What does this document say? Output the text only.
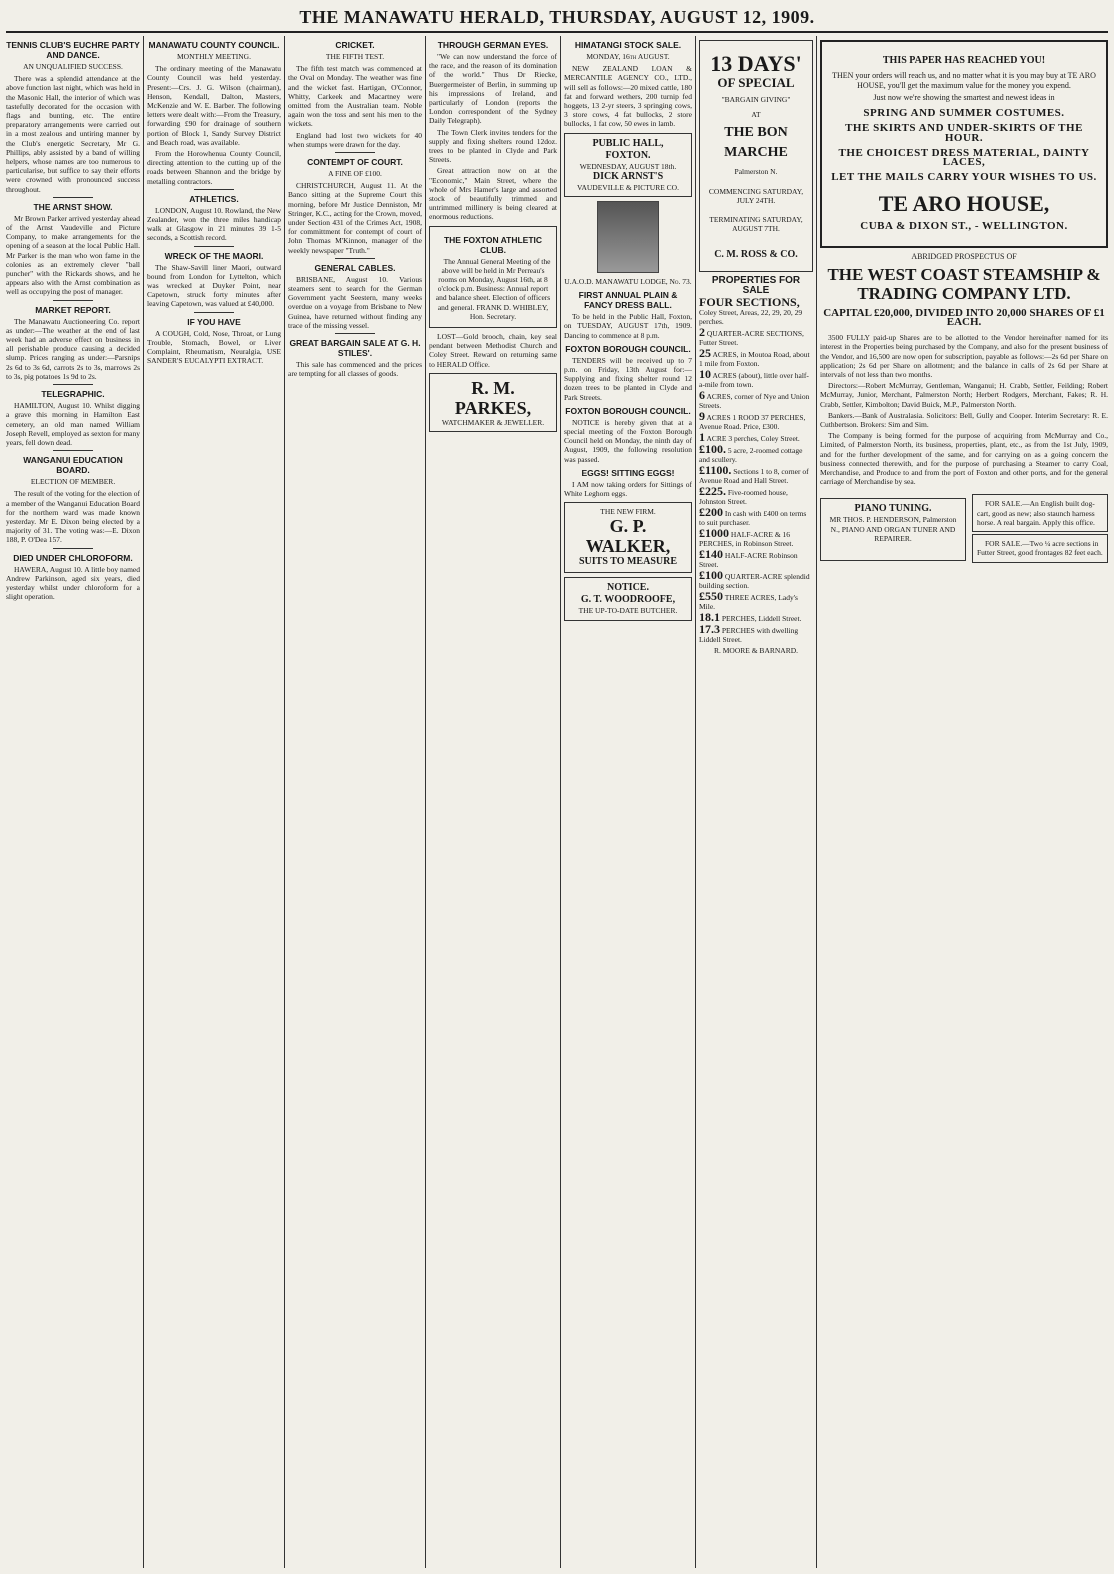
THE MANAWATU HERALD, THURSDAY, AUGUST 12, 1909.
TENNIS CLUB'S EUCHRE PARTY AND DANCE.
AN UNQUALIFIED SUCCESS.

There was a splendid attendance at the above function last night, which was held in the Masonic Hall, the interior of which was tastefully decorated for the occasion with flags and bunting, etc. The entire preparatory arrangements were carried out in a most zealous and untiring manner by the Club's energetic Secretary, Mr G. Phillips, ably assisted by a band of willing helpers, whose names are too numerous to particularise, but suffice to say their efforts were crowned with pronounced success throughout.

THE ARNST SHOW.

Mr Brown Parker arrived yesterday ahead of the Arnst Vaudeville and Picture Company, to make arrangements for the opening of a season at the local Public Hall. Mr Parker is the man who won fame in the colonies as an extremely clever "ball puncher" with the Rickards shows, and he appears also with the Arnst combination as well as occupying the post of manager.

MARKET REPORT.

The Manawatu Auctioneering Co. report as under:—The weather at the end of last week had an adverse effect on business in all perishable produce causing a decided slump. Prices ranging as under:—Parsnips 2s 6d to 3s 6d, carrots 2s to 3s, marrows 2s to 3s, pig potatoes 1s 9d to 2s.

TELEGRAPHIC.

HAMILTON, August 10. Whilst digging a grave this morning in Hamilton East cemetery, an old man named William Joseph Revell, employed as sexton for many years, fell down dead.

WANGANUI EDUCATION BOARD.
ELECTION OF MEMBER.

The result of the voting for the election of a member of the Wanganui Education Board for the northern ward was made known yesterday. Mr E. Dixon being elected by a majority of 31. The voting was:—E. Dixon 188, P. O'Dea 157.

DIED UNDER CHLOROFORM.

HAWERA, August 10. A little boy named Andrew Parkinson, aged six years, died yesterday whilst under chloroform for a slight operation.

MANAWATU COUNTY COUNCIL.
MONTHLY MEETING.

The ordinary meeting of the Manawatu County Council was held yesterday. Present:—Crs. J. G. Wilson (chairman), Henson, Kendall, Dalton, Masters, McKenzie and W. E. Barber. The following letters were dealt with:—From the Treasury, forwarding £90 for drainage of southern portion of Block 1, Sandy Survey District and Beach road, was available.

From the Horowhenua County Council, directing attention to the cutting up of the roads between Shannon and the bridge by metalling contractors.

ATHLETICS.

LONDON, August 10. Rowland, the New Zealander, won the three miles handicap walk at Glasgow in 21 minutes 39 1-5 seconds, a Scottish record.

WRECK OF THE MAORI.

The Shaw-Savill liner Maori, outward bound from London for Lyttelton, which was wrecked at Duyker Point, near Capetown, struck forty minutes after leaving Capetown, was valued at £40,000.

IF YOU HAVE

A COUGH, Cold, Nose, Throat, or Lung Trouble, Stomach, Bowel, or Liver Complaint, Rheumatism, Neuralgia, USE SANDER'S EUCALYPTI EXTRACT.

CRICKET.
THE FIFTH TEST.

The fifth test match was commenced at the Oval on Monday. The weather was fine and the wicket fast. Hartigan, O'Connor, Whitty, Carkeek and Macartney were omitted from the Australian team. Noble again won the toss and sent his men to the wickets.

England had lost two wickets for 40 when stumps were drawn for the day.

CONTEMPT OF COURT.
A FINE OF £100.

CHRISTCHURCH, August 11. At the Banco sitting at the Supreme Court this morning, before Mr Justice Denniston, Mr Stringer, K.C., acting for the Crown, moved, under Section 431 of the Crimes Act, 1908, for committment for contempt of court of John Thomas M'Kinnon, manager of the weekly newspaper "Truth."

GENERAL CABLES.

BRISBANE, August 10. Various steamers sent to search for the German Government yacht Seestern, many weeks overdue on a voyage from Brisbane to New Guinea, have returned without finding any trace of the missing vessel.

GREAT BARGAIN SALE AT G. H. STILES'.

This sale has commenced and the prices are tempting for all classes of goods.

THROUGH GERMAN EYES.

"We can now understand the force of the race, and the reason of its domination of the world." Thus Dr Riecke, Buergermeister of Berlin, in summing up his impressions of Ireland, and particularly of London (reports the London correspondent of the Sydney Daily Telegraph).

The Town Clerk invites tenders for the supply and fixing shelters round 12doz. trees to be planted in Clyde and Park Streets.

Great attraction now on at the "Economic," Main Street, where the whole of Mrs Hamer's large and assorted stock of beautifully trimmed and untrimmed millinery is being cleared at enormous reductions.

THE FOXTON ATHLETIC CLUB.

The Annual General Meeting of the above will be held in Mr Perreau's rooms on Monday, August 16th, at 8 o'clock p.m. Business: Annual report and balance sheet. Election of officers and general. FRANK D. WHIBLEY, Hon. Secretary.

LOST—Gold brooch, chain, key seal pendant between Methodist Church and Coley Street. Reward on returning same to HERALD Office.

R. M. PARKES,
WATCHMAKER & JEWELLER.
HIMATANGI STOCK SALE.
MONDAY, 16th AUGUST.

NEW ZEALAND LOAN & MERCANTILE AGENCY CO., LTD., will sell as follows:—20 mixed cattle, 180 fat and forward wethers, 200 turnip fed hoggets, 13 2-yr steers, 3 springing cows, 3 store cows, 4 fat bullocks, 2 store bullocks, 1 fat cow, 50 ewes in lamb.

PUBLIC HALL, FOXTON.
WEDNESDAY, AUGUST 18th.
DICK ARNST'S
VAUDEVILLE & PICTURE CO.
U.A.O.D. MANAWATU LODGE, No. 73.
FIRST ANNUAL PLAIN & FANCY DRESS BALL.

To be held in the Public Hall, Foxton, on TUESDAY, AUGUST 17th, 1909. Dancing to commence at 8 p.m.

FOXTON BOROUGH COUNCIL.

TENDERS will be received up to 7 p.m. on Friday, 13th August for:—Supplying and fixing shelter round 12 dozen trees to be planted in Clyde and Park Streets.

FOXTON BOROUGH COUNCIL.

NOTICE is hereby given that at a special meeting of the Foxton Borough Council held on Monday, the ninth day of August, 1909, the following resolution was passed.

EGGS! SITTING EGGS!

I AM now taking orders for Sittings of White Leghorn eggs.

THE NEW FIRM.
G. P. WALKER,
SUITS TO MEASURE
NOTICE.
G. T. WOODROOFE,
THE UP-TO-DATE BUTCHER.
13 DAYS'
OF SPECIAL
"BARGAIN GIVING"
AT
THE BON MARCHE
Palmerston N.
COMMENCING SATURDAY, JULY 24TH.
TERMINATING SATURDAY, AUGUST 7TH.
C. M. ROSS & CO.
PROPERTIES FOR SALE
FOUR SECTIONS, Coley Street, Areas, 22, 29, 20, 29 perches.
2 QUARTER-ACRE SECTIONS, Futter Street.
25 ACRES, in Moutoa Road, about 1 mile from Foxton.
10 ACRES (about), little over half-a-mile from town.
6 ACRES, corner of Nye and Union Streets.
9 ACRES 1 ROOD 37 PERCHES, Avenue Road. Price, £300.
1 ACRE 3 perches, Coley Street.
£100. 5 acre, 2-roomed cottage and scullery.
£1100. Sections 1 to 8, corner of Avenue Road and Hall Street.
£225. Five-roomed house, Johnston Street.
£200 In cash with £400 on terms to suit purchaser.
£1000 HALF-ACRE & 16 PERCHES, in Robinson Street.
£140 HALF-ACRE Robinson Street.
£100 QUARTER-ACRE splendid building section.
£550 THREE ACRES, Lady's Mile.
18.1 PERCHES, Liddell Street.
17.3 PERCHES with dwelling Liddell Street.
R. MOORE & BARNARD.
THIS PAPER HAS REACHED YOU!

THEN your orders will reach us, and no matter what it is you may buy at TE ARO HOUSE, you'll get the maximum value for the money you expend.

Just now we're showing the smartest and newest ideas in

SPRING AND SUMMER COSTUMES.
THE SKIRTS AND UNDER-SKIRTS OF THE HOUR.
THE CHOICEST DRESS MATERIAL, DAINTY LACES,
LET THE MAILS CARRY YOUR WISHES TO US.
TE ARO HOUSE,
CUBA & DIXON ST., - WELLINGTON.
ABRIDGED PROSPECTUS OF
THE WEST COAST STEAMSHIP & TRADING COMPANY LTD.
CAPITAL £20,000, DIVIDED INTO 20,000 SHARES OF £1 EACH.

3500 FULLY paid-up Shares are to be allotted to the Vendor hereinafter named for its interest in the Properties being purchased by the Company, and also for the present business of the Vendor, and 16,500 are now open for subscription, payable as follows:—2s 6d per Share on application; 2s 6d per Share on allotment; and the balance in calls of 2s 6d per Share at intervals of not less than two months.

Directors:—Robert McMurray, Gentleman, Wanganui; H. Crabb, Settler, Feilding; Robert McMurray, Junior, Merchant, Palmerston North; Herbert Rodgers, Merchant, Fakes; R. H. Crabb, Settler, Kimbolton; David Buick, M.P., Palmerston North.

Bankers.—Bank of Australasia. Solicitors: Bell, Gully and Cooper. Interim Secretary: R. E. Cuthbertson. Brokers: Sim and Sim.

The Company is being formed for the purpose of acquiring from McMurray and Co., Limited, of Palmerston North, its business, properties, plant, etc., as from the 1st July, 1909, and for the further development of the same, and for carrying on as a going concern the business connected therewith, and for the purpose of purchasing a Steamer to carry Coal, Merchandise, and Produce to and from the port of Foxton and other ports, and for the general carriage of Merchandise by sea.

PIANO TUNING.
MR THOS. P. HENDERSON, Palmerston N., PIANO AND ORGAN TUNER AND REPAIRER.

FOR SALE.—An English built dog-cart, good as new; also staunch harness horse. A real bargain. Apply this office.

FOR SALE.—Two ¼ acre sections in Futter Street, good frontages 82 feet each.
